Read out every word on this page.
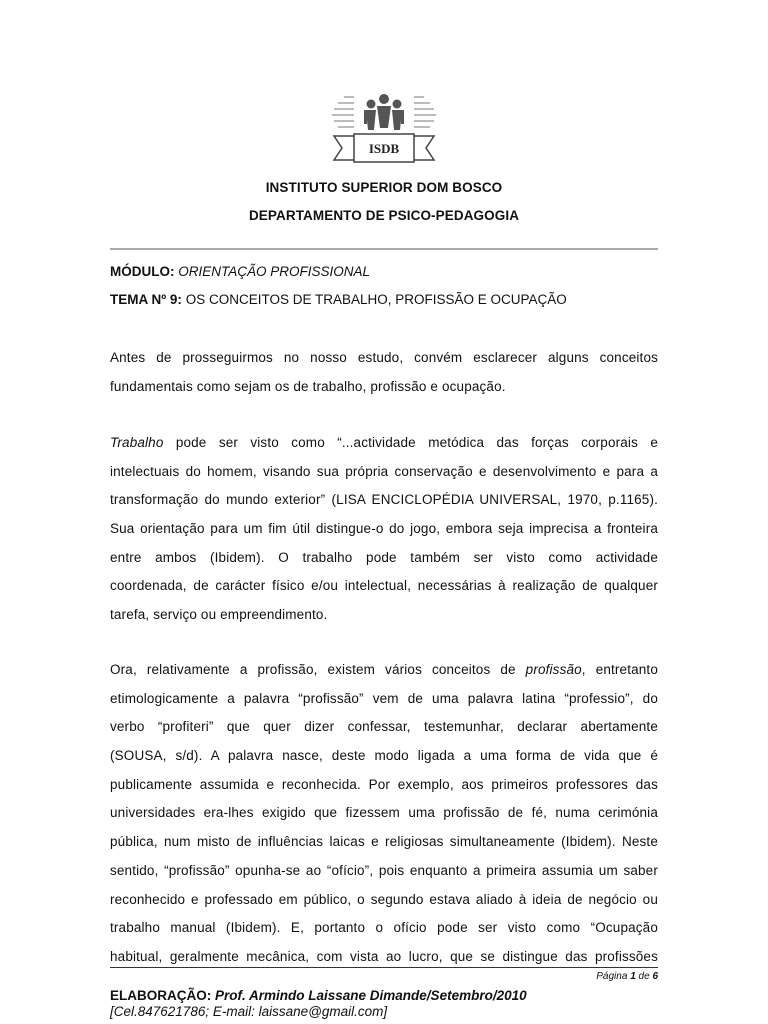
ISDB
INSTITUTO SUPERIOR DOM BOSCO
DEPARTAMENTO DE PSICO-PEDAGOGIA
MÓDULO: ORIENTAÇÃO PROFISSIONAL
TEMA Nº 9: OS CONCEITOS DE TRABALHO, PROFISSÃO E OCUPAÇÃO
Antes de prosseguirmos no nosso estudo, convém esclarecer alguns conceitos
fundamentais como sejam os de trabalho, profissão e ocupação.
Trabalho pode ser visto como “...actividade metódica das forças corporais e
intelectuais do homem, visando sua própria conservação e desenvolvimento e para a
transformação do mundo exterior” (LISA ENCICLOPÉDIA UNIVERSAL, 1970, p.1165).
Sua orientação para um fim útil distingue-o do jogo, embora seja imprecisa a fronteira
entre ambos (Ibidem). O trabalho pode também ser visto como actividade
coordenada, de carácter físico e/ou intelectual, necessárias à realização de qualquer
tarefa, serviço ou empreendimento.
Ora, relativamente a profissão, existem vários conceitos de profissão, entretanto
etimologicamente a palavra “profissão” vem de uma palavra latina “professio”, do
verbo “profiteri” que quer dizer confessar, testemunhar, declarar abertamente
(SOUSA, s/d). A palavra nasce, deste modo ligada a uma forma de vida que é
publicamente assumida e reconhecida. Por exemplo, aos primeiros professores das
universidades era-lhes exigido que fizessem uma profissão de fé, numa cerimónia
pública, num misto de influências laicas e religiosas simultaneamente (Ibidem). Neste
sentido, “profissão” opunha-se ao “ofício”, pois enquanto a primeira assumia um saber
reconhecido e professado em público, o segundo estava aliado à ideia de negócio ou
trabalho manual (Ibidem). E, portanto o ofício pode ser visto como “Ocupação
habitual, geralmente mecânica, com vista ao lucro, que se distingue das profissões
Página 1 de 6
ELABORAÇÃO: Prof. Armindo Laissane Dimande/Setembro/2010
[Cel.847621786; E-mail: laissane@gmail.com]
